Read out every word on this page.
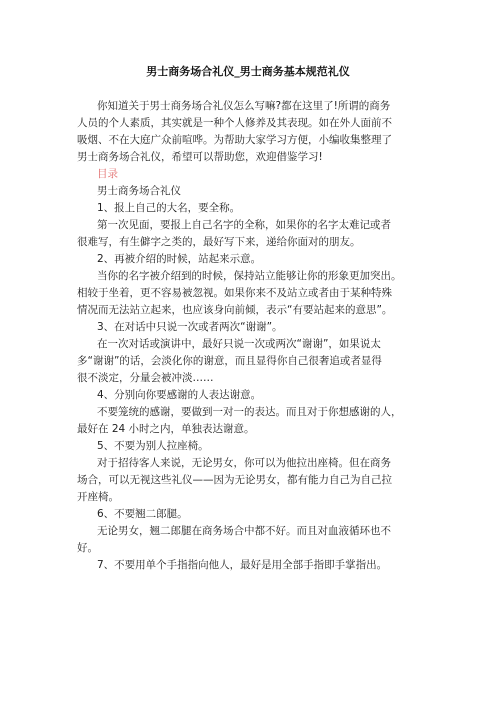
男士商务场合礼仪_男士商务基本规范礼仪

你知道关于男士商务场合礼仪怎么写嘛?都在这里了!所谓的商务

人员的个人素质，其实就是一种个人修养及其表现。如在外人面前不

吸烟、不在大庭广众前喧哗。为帮助大家学习方便，小编收集整理了

男士商务场合礼仪，希望可以帮助您，欢迎借鉴学习!

目录

男士商务场合礼仪

1、报上自己的大名，要全称。

第一次见面，要报上自己名字的全称，如果你的名字太难记或者

很难写，有生僻字之类的，最好写下来，递给你面对的朋友。

2、再被介绍的时候，站起来示意。

当你的名字被介绍到的时候，保持站立能够让你的形象更加突出。

相较于坐着，更不容易被忽视。如果你来不及站立或者由于某种特殊

情况而无法站立起来，也应该身向前倾，表示“有要站起来的意思”。

3、在对话中只说一次或者两次“谢谢”。

在一次对话或演讲中，最好只说一次或两次“谢谢”，如果说太

多“谢谢”的话，会淡化你的谢意，而且显得你自己很奢追或者显得

很不淡定，分量会被冲淡……

4、分别向你要感谢的人表达谢意。

不要笼统的感谢，要做到一对一的表达。而且对于你想感谢的人，

最好在 24 小时之内，单独表达谢意。

5、不要为别人拉座椅。

对于招待客人来说，无论男女，你可以为他拉出座椅。但在商务

场合，可以无视这些礼仪——因为无论男女，都有能力自己为自己拉

开座椅。

6、不要翘二郎腿。

无论男女，翘二郎腿在商务场合中都不好。而且对血液循环也不

好。

7、不要用单个手指指向他人，最好是用全部手指即手掌指出。
